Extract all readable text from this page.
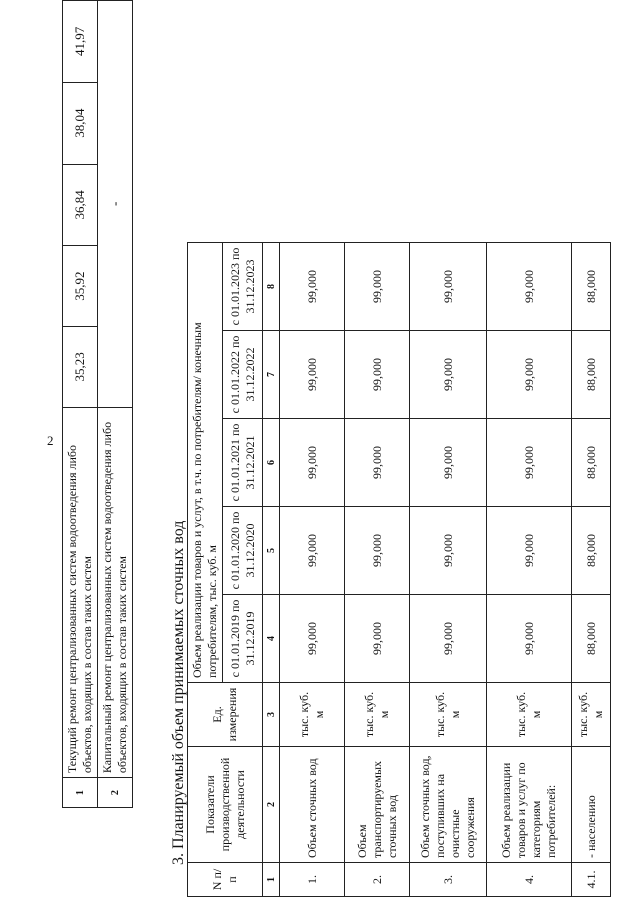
2
1	Текущий ремонт централизованных систем водоотведения либо объектов, входящих в состав таких систем	35,23	35,92	36,84	38,04	41,97
2	Капитальный ремонт централизованных систем водоотведения либо объектов, входящих в состав таких систем	-				
3. Планируемый объем принимаемых сточных вод
N п/п	Показатели производственной деятельности	Ед. измерения	Объем реализации товаров и услут, в т.ч. по потребителям/ конечным потребителям, тыс. куб. м				
			с 01.01.2019 по 31.12.2019	с 01.01.2020 по 31.12.2020	с 01.01.2021 по 31.12.2021	с 01.01.2022 по 31.12.2022	с 01.01.2023 по 31.12.2023
1	2	3	4	5	6	7	8
1.	Объем сточных вод	тыс. куб. м	99,000	99,000	99,000	99,000	99,000
2.	Объем транспортируемых сточных вод	тыс. куб. м	99,000	99,000	99,000	99,000	99,000
3.	Объем сточных вод, поступивших на очистные сооружения	тыс. куб. м	99,000	99,000	99,000	99,000	99,000
4.	Объем реализации товаров и услуг по категориям потребителей:	тыс. куб. м	99,000	99,000	99,000	99,000	99,000
4.1.	- населению	тыс. куб. м	88,000	88,000	88,000	88,000	88,000
